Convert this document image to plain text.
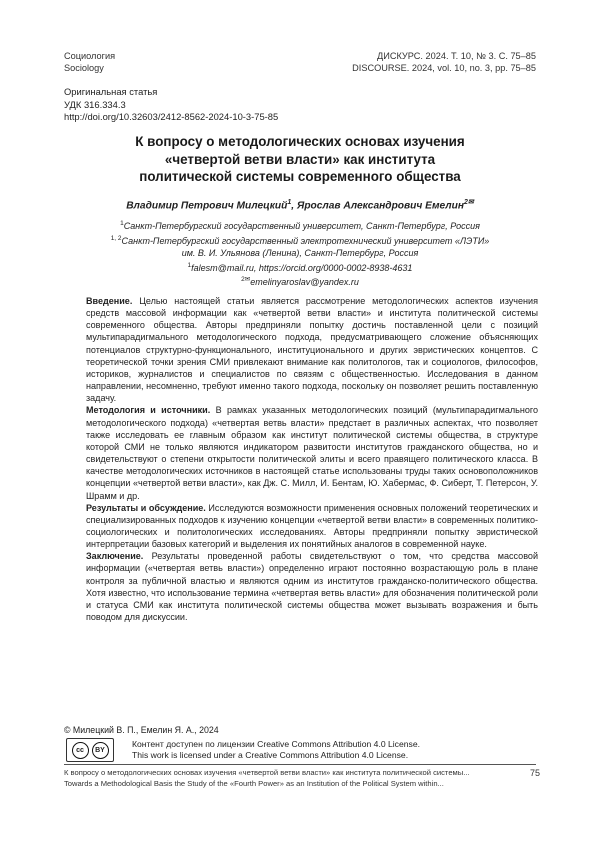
Социология
Sociology
ДИСКУРС. 2024. Т. 10, № 3. С. 75–85
DISCOURSE. 2024, vol. 10, no. 3, pp. 75–85
Оригинальная статья
УДК 316.334.3
http://doi.org/10.32603/2412-8562-2024-10-3-75-85
К вопросу о методологических основах изучения
«четвертой ветви власти» как института
политической системы современного общества
Владимир Петрович Милецкий$^1$, Ярослав Александрович Емелин$^{2✉}$
$^1$Санкт-Петербургский государственный университет, Санкт-Петербург, Россия
$^{1, 2}$Санкт-Петербургский государственный электротехнический университет «ЛЭТИ»
им. В. И. Ульянова (Ленина), Санкт-Петербург, Россия
$^1$falesm@mail.ru, https://orcid.org/0000-0002-8938-4631
$^{2✉}$emelinyaroslav@yandex.ru

Введение. Целью настоящей статьи является рассмотрение методологических аспектов изучения средств массовой информации как «четвертой ветви власти» и института политической системы современного общества. Авторы предприняли попытку достичь поставленной цели с позиций мультипарадигмального методологического подхода, предусматривающего сложение объясняющих потенциалов структурно-функционального, институционального и других эвристических концептов. С теоретической точки зрения СМИ привлекают внимание как политологов, так и социологов, философов, историков, журналистов и специалистов по связям с общественностью. Исследования в данном направлении, несомненно, требуют именно такого подхода, поскольку он позволяет решить поставленную задачу.

Методология и источники. В рамках указанных методологических позиций (мультипарадигмального методологического подхода) «четвертая ветвь власти» предстает в различных аспектах, что позволяет также исследовать ее главным образом как институт политической системы общества, в структуре которой СМИ не только являются индикатором развитости институтов гражданского общества, но и свидетельствуют о степени открытости политической элиты и всего правящего политического класса. В качестве методологических источников в настоящей статье использованы труды таких основоположников концепции «четвертой ветви власти», как Дж. С. Милл, И. Бентам, Ю. Хабермас, Ф. Сиберт, Т. Петерсон, У. Шрамм и др.

Результаты и обсуждение. Исследуются возможности применения основных положений теоретических и специализированных подходов к изучению концепции «четвертой ветви власти» в современных политико-социологических и политологических исследованиях. Авторы предприняли попытку эвристической интерпретации базовых категорий и выделения их понятийных аналогов в современной науке.

Заключение. Результаты проведенной работы свидетельствуют о том, что средства массовой информации («четвертая ветвь власти») определенно играют постоянно возрастающую роль в плане контроля за публичной властью и являются одним из институтов гражданско-политического общества. Хотя известно, что использование термина «четвертая ветвь власти» для обозначения политической роли и статуса СМИ как института политической системы общества может вызывать возражения и быть поводом для дискуссии.

© Милецкий В. П., Емелин Я. А., 2024
cc	BY
Контент доступен по лицензии Creative Commons Attribution 4.0 License.
This work is licensed under a Creative Commons Attribution 4.0 License.
К вопросу о методологических основах изучения «четвертой ветви власти» как института политической системы...
Towards a Methodological Basis the Study of the «Fourth Power» as an Institution of the Political System within...
75
